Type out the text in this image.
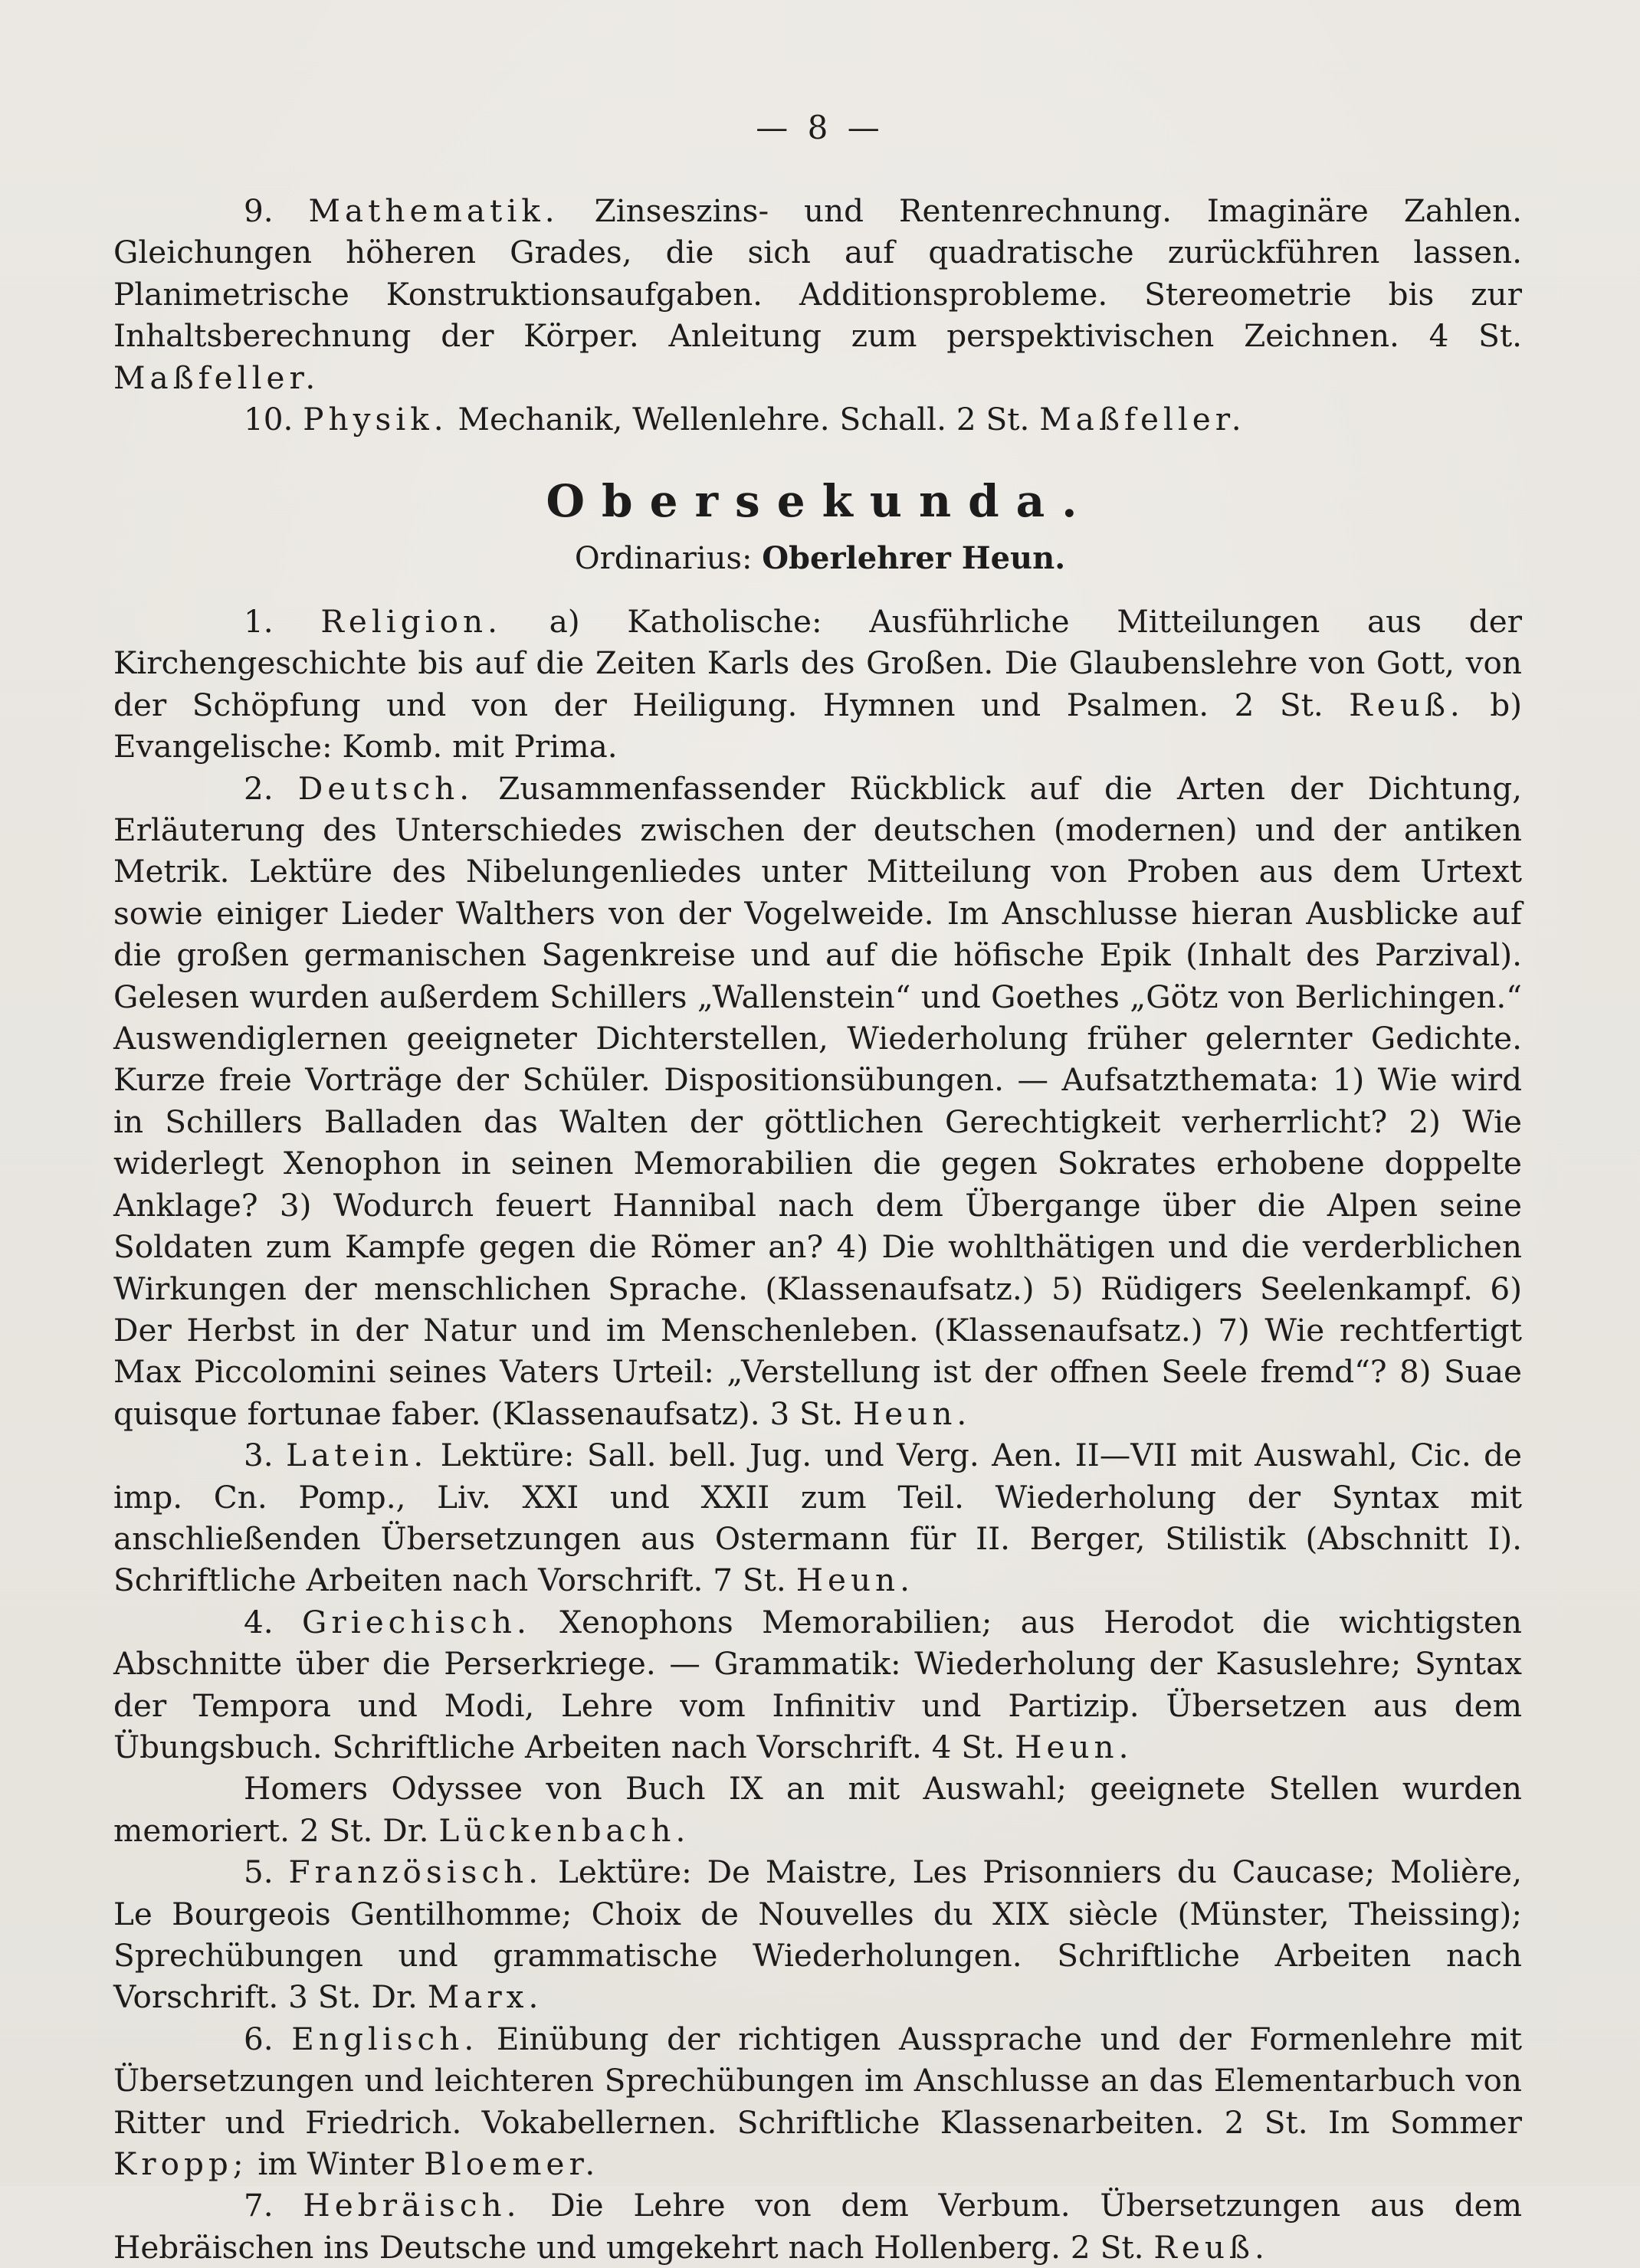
— 8 —

9. Mathematik. Zinseszins- und Rentenrechnung. Imaginäre Zahlen. Gleichungen höheren Grades, die sich auf quadratische zurückführen lassen. Planimetrische Konstruktionsaufgaben. Additionsprobleme. Stereometrie bis zur Inhaltsberechnung der Körper. Anleitung zum perspektivischen Zeichnen. 4 St. Maßfeller.

10. Physik. Mechanik, Wellenlehre. Schall. 2 St. Maßfeller.

Obersekunda.
Ordinarius: Oberlehrer Heun.

1. Religion. a) Katholische: Ausführliche Mitteilungen aus der Kirchengeschichte bis auf die Zeiten Karls des Großen. Die Glaubenslehre von Gott, von der Schöpfung und von der Heiligung. Hymnen und Psalmen. 2 St. Reuß. b) Evangelische: Komb. mit Prima.

2. Deutsch. Zusammenfassender Rückblick auf die Arten der Dichtung, Erläuterung des Unterschiedes zwischen der deutschen (modernen) und der antiken Metrik. Lektüre des Nibelungenliedes unter Mitteilung von Proben aus dem Urtext sowie einiger Lieder Walthers von der Vogelweide. Im Anschlusse hieran Ausblicke auf die großen germanischen Sagenkreise und auf die höfische Epik (Inhalt des Parzival). Gelesen wurden außerdem Schillers „Wallenstein“ und Goethes „Götz von Berlichingen.“ Auswendiglernen geeigneter Dichterstellen, Wiederholung früher gelernter Gedichte. Kurze freie Vorträge der Schüler. Dispositionsübungen. — Aufsatzthemata: 1) Wie wird in Schillers Balladen das Walten der göttlichen Gerechtigkeit verherrlicht? 2) Wie widerlegt Xenophon in seinen Memorabilien die gegen Sokrates erhobene doppelte Anklage? 3) Wodurch feuert Hannibal nach dem Übergange über die Alpen seine Soldaten zum Kampfe gegen die Römer an? 4) Die wohlthätigen und die verderblichen Wirkungen der menschlichen Sprache. (Klassenaufsatz.) 5) Rüdigers Seelenkampf. 6) Der Herbst in der Natur und im Menschenleben. (Klassenaufsatz.) 7) Wie rechtfertigt Max Piccolomini seines Vaters Urteil: „Verstellung ist der offnen Seele fremd“? 8) Suae quisque fortunae faber. (Klassenaufsatz). 3 St. Heun.

3. Latein. Lektüre: Sall. bell. Jug. und Verg. Aen. II—VII mit Auswahl, Cic. de imp. Cn. Pomp., Liv. XXI und XXII zum Teil. Wiederholung der Syntax mit anschließenden Übersetzungen aus Ostermann für II. Berger, Stilistik (Abschnitt I). Schriftliche Arbeiten nach Vorschrift. 7 St. Heun.

4. Griechisch. Xenophons Memorabilien; aus Herodot die wichtigsten Abschnitte über die Perserkriege. — Grammatik: Wiederholung der Kasuslehre; Syntax der Tempora und Modi, Lehre vom Infinitiv und Partizip. Übersetzen aus dem Übungsbuch. Schriftliche Arbeiten nach Vorschrift. 4 St. Heun.

Homers Odyssee von Buch IX an mit Auswahl; geeignete Stellen wurden memoriert. 2 St. Dr. Lückenbach.

5. Französisch. Lektüre: De Maistre, Les Prisonniers du Caucase; Molière, Le Bourgeois Gentilhomme; Choix de Nouvelles du XIX siècle (Münster, Theissing); Sprechübungen und grammatische Wiederholungen. Schriftliche Arbeiten nach Vorschrift. 3 St. Dr. Marx.

6. Englisch. Einübung der richtigen Aussprache und der Formenlehre mit Übersetzungen und leichteren Sprechübungen im Anschlusse an das Elementarbuch von Ritter und Friedrich. Vokabellernen. Schriftliche Klassenarbeiten. 2 St. Im Sommer Kropp; im Winter Bloemer.

7. Hebräisch. Die Lehre von dem Verbum. Übersetzungen aus dem Hebräischen ins Deutsche und umgekehrt nach Hollenberg. 2 St. Reuß.
